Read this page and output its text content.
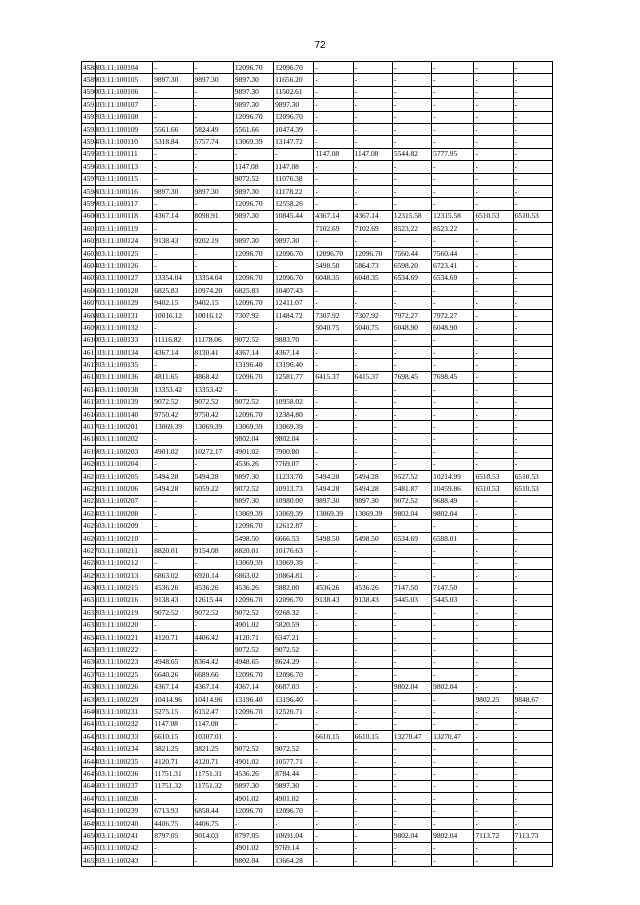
72
4588	03:11:100104	-	-	12096.70	12096.70	-	-	-	-	-	-
4589	03:11:100105	9897.30	9897.30	9897.30	11656.20	-	-	-	-	-	-
4590	03:11:100106	-	-	9897.30	11502.61	-	-	-	-	-	-
4591	03:11:100107	-	-	9897.30	9897.30	-	-	-	-	-	-
4592	03:11:100108	-	-	12096.70	12096.70	-	-	-	-	-	-
4593	03:11:100109	5561.66	5824.49	5561.66	10474.39	-	-	-	-	-	-
4594	03:11:100110	5318.84	5757.74	13069.39	13147.72	-	-	-	-	-	-
4595	03:11:100111	-	-	-	-	1147.08	1147.08	5544.82	5777.95	-	-
4596	03:11:100113	-	-	1147.08	1147.08	-	-	-	-	-	-
4597	03:11:100115	-	-	9072.52	11076.38	-	-	-	-	-	-
4598	03:11:100116	9897.30	9897.30	9897.30	11178.22	-	-	-	-	-	-
4599	03:11:100117	-	-	12096.70	12558.26	-	-	-	-	-	-
4600	03:11:100118	4367.14	8098.91	9897.30	10845.44	4367.14	4367.14	12315.58	12315.58	6510.53	6510.53
4601	03:11:100119	-	-	-	-	7102.69	7102.69	8523.22	8523.22	-	-
4602	03:11:100124	9138.43	9202.19	9897.30	9897.30	-	-	-	-	-	-
4603	03:11:100125	-	-	12096.70	12096.70	12096.70	12096.70	7560.44	7560.44	-	-
4604	03:11:100126	-	-	-	-	5498.50	5864.73	6598.20	6723.41	-	-
4605	03:11:100127	13354.04	13354.04	12096.70	12096.70	6048.35	6048.35	6534.69	6534.69	-	-
4606	03:11:100128	6825.83	10974.20	6825.83	10407.43	-	-	-	-	-	-
4607	03:11:100129	9402.15	9402.15	12096.70	12411.07	-	-	-	-	-	-
4608	03:11:100131	10016.12	10016.12	7307.92	11484.72	7307.92	7307.92	7972.27	7972.27	-	-
4609	03:11:100132	-	-	-	-	5040.75	5040.75	6048.90	6048.90	-	-
4610	03:11:100133	11116.82	11178.06	9072.52	9883.70	-	-	-	-	-	-
4611	03:11:100134	4367.14	8130.41	4367.14	4367.14	-	-	-	-	-	-
4612	03:11:100135	-	-	13196.40	13196.40	-	-	-	-	-	-
4613	03:11:100136	4811.65	4868.42	12096.70	12581.77	6415.37	6415.37	7698.45	7698.45	-	-
4614	03:11:100138	13353.42	13353.42	-	-	-	-	-	-	-	-
4615	03:11:100139	9072.52	9072.52	9072.52	10958.02	-	-	-	-	-	-
4616	03:11:100140	9750.42	9750.42	12096.70	12384.80	-	-	-	-	-	-
4617	03:11:100201	13069.39	13069.39	13069.39	13069.39	-	-	-	-	-	-
4618	03:11:100202	-	-	9802.04	9802.04	-	-	-	-	-	-
4619	03:11:100203	4901.02	10272.17	4901.02	7900.80	-	-	-	-	-	-
4620	03:11:100204	-	-	4536.26	7769.07	-	-	-	-	-	-
4621	03:11:100205	5494.28	5494.28	9897.30	11233.70	5494.28	5494.28	9527.52	10214.99	6510.53	6510.53
4622	03:11:100206	5494.28	6059.22	9072.52	10913.73	5494.28	5494.28	5481.87	10459.86	6510.53	6510.53
4623	03:11:100207	-	-	9897.30	10980.00	9897.30	9897.30	9072.52	9688.49	-	-
4624	03:11:100208	-	-	13069.39	13069.39	13069.39	13069.39	9802.04	9802.04	-	-
4625	03:11:100209	-	-	12096.70	12612.87	-	-	-	-	-	-
4626	03:11:100210	-	-	5498.50	6666.53	5498.50	5498.50	6534.69	6588.01	-	-
4627	03:11:100211	8820.01	9154.08	8820.01	10176.63	-	-	-	-	-	-
4628	03:11:100212	-	-	13069.39	13069.39	-	-	-	-	-	-
4629	03:11:100213	6863.02	6920.14	6863.02	10864.81	-	-	-	-	-	-
4630	03:11:100215	4536.26	4536.26	4536.26	5882.00	4536.26	4536.26	7147.50	7147.50	-	-
4631	03:11:100216	9138.43	12615.44	12096.70	12096.70	9138.43	9138.43	5445.03	5445.03	-	-
4632	03:11:100219	9072.52	9072.52	9072.52	9268.32	-	-	-	-	-	-
4633	03:11:100220	-	-	4901.02	5820.59	-	-	-	-	-	-
4634	03:11:100221	4120.71	4406.42	4120.71	6347.21	-	-	-	-	-	-
4635	03:11:100222	-	-	9072.52	9072.52	-	-	-	-	-	-
4636	03:11:100223	4948.65	8364.42	4948.65	8624.29	-	-	-	-	-	-
4637	03:11:100225	6640.26	6689.66	12096.70	12096.70	-	-	-	-	-	-
4638	03:11:100226	4367.14	4367.14	4367.14	6687.03	-	-	9802.04	9802.04	-	-
4639	03:11:100229	10414.96	10414.96	13196.40	13196.40	-	-	-	-	9802.25	9848.67
4640	03:11:100231	5275.15	6152.47	12096.70	12526.71	-	-	-	-	-	-
4641	03:11:100232	1147.08	1147.08	-	-	-	-	-	-	-	-
4642	03:11:100233	6610.15	10307.01	-	-	6610.15	6610.15	13270.47	13270.47	-	-
4643	03:11:100234	3821.25	3821.25	9072.52	9072.52	-	-	-	-	-	-
4644	03:11:100235	4120.71	4120.71	4901.02	10577.71	-	-	-	-	-	-
4645	03:11:100236	11751.31	11751.31	4536.26	8784.44	-	-	-	-	-	-
4646	03:11:100237	11751.32	11751.32	9897.30	9897.30	-	-	-	-	-	-
4647	03:11:100238	-	-	4901.02	4901.02	-	-	-	-	-	-
4648	03:11:100239	6713.93	6850.44	12096.70	12096.70	-	-	-	-	-	-
4649	03:11:100240	4406.75	4406.75	-	-	-	-	-	-	-	-
4650	03:11:100241	8797.05	9014.03	8797.05	10691.04	-	-	9802.04	9802.04	7113.72	7113.73
4651	03:11:100242	-	-	4901.02	9769.14	-	-	-	-	-	-
4652	03:11:100243	-	-	9802.04	13664.28	-	-	-	-	-	-
